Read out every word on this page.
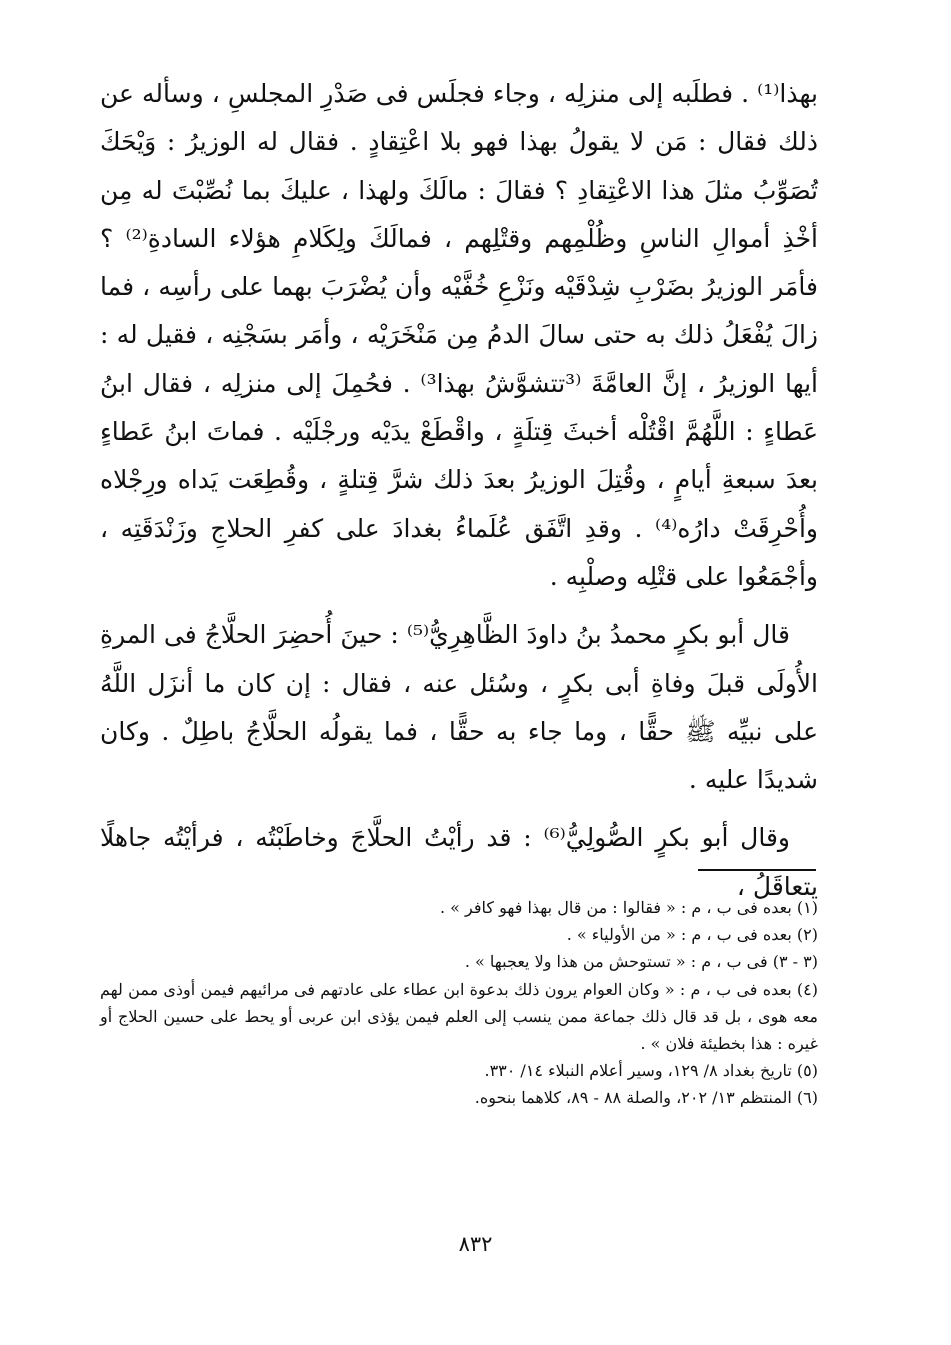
بهذا⁽¹⁾ . فطلَبه إلى منزلِه ، وجاء فجلَس فى صَدْرِ المجلسِ ، وسأله عن ذلك فقال : مَن لا يقولُ بهذا فهو بلا اعْتِقادٍ . فقال له الوزيرُ : وَيْحَكَ تُصَوِّبُ مثلَ هذا الاعْتِقادِ ؟ فقالَ : مالَكَ ولهذا ، عليكَ بما نُصِّبْتَ له مِن أخْذِ أموالِ الناسِ وظُلْمِهم وقتْلِهم ، فمالَكَ ولِكَلامِ هؤلاء السادةِ⁽²⁾ ؟ فأمَر الوزيرُ بضَرْبِ شِدْقَيْه ونَزْعِ خُفَّيْه وأن يُضْرَبَ بهما على رأسِه ، فما زالَ يُفْعَلُ ذلك به حتى سالَ الدمُ مِن مَنْخَرَيْه ، وأمَر بسَجْنِه ، فقيل له : أيها الوزيرُ ، إنَّ العامَّةَ ⁽³تتشوَّشُ بهذا³⁾ . فحُمِلَ إلى منزلِه ، فقال ابنُ عَطاءٍ : اللَّهُمَّ اقْتُلْه أخبثَ قِتلَةٍ ، واقْطَعْ يدَيْه ورجْلَيْه . فماتَ ابنُ عَطاءٍ بعدَ سبعةِ أيامٍ ، وقُتِلَ الوزيرُ بعدَ ذلك شرَّ قِتلةٍ ، وقُطِعَت يَداه ورِجْلاه وأُحْرِقَتْ دارُه⁽⁴⁾ . وقدِ اتَّفَق عُلَماءُ بغدادَ على كفرِ الحلاجِ وزَنْدَقَتِه ، وأجْمَعُوا على قتْلِه وصلْبِه .

قال أبو بكرٍ محمدُ بنُ داودَ الظَّاهِرِيُّ⁽⁵⁾ : حينَ أُحضِرَ الحلَّاجُ فى المرةِ الأُولَى قبلَ وفاةِ أبى بكرٍ ، وسُئل عنه ، فقال : إن كان ما أنزَل اللَّهُ على نبيِّه ﷺ حقًّا ، وما جاء به حقًّا ، فما يقولُه الحلَّاجُ باطِلٌ . وكان شديدًا عليه .

وقال أبو بكرٍ الصُّولِيُّ⁽⁶⁾ : قد رأيْتُ الحلَّاجَ وخاطَبْتُه ، فرأيْتُه جاهلًا يتعاقَلُ ،

(١) بعده فى ب ، م : « فقالوا : من قال بهذا فهو كافر » .

(٢) بعده فى ب ، م : « من الأولياء » .

(٣ - ٣) فى ب ، م : « تستوحش من هذا ولا يعجبها » .

(٤) بعده فى ب ، م : « وكان العوام يرون ذلك بدعوة ابن عطاء على عادتهم فى مرائيهم فيمن أوذى ممن لهم معه هوى ، بل قد قال ذلك جماعة ممن ينسب إلى العلم فيمن يؤذى ابن عربى أو يحط على حسين الحلاج أو غيره : هذا بخطيئة فلان » .

(٥) تاريخ بغداد ٨/ ١٢٩، وسير أعلام النبلاء ١٤/ ٣٣٠.

(٦) المنتظم ١٣/ ٢٠٢، والصلة ٨٨ - ٨٩، كلاهما بنحوه.

٨٣٢
